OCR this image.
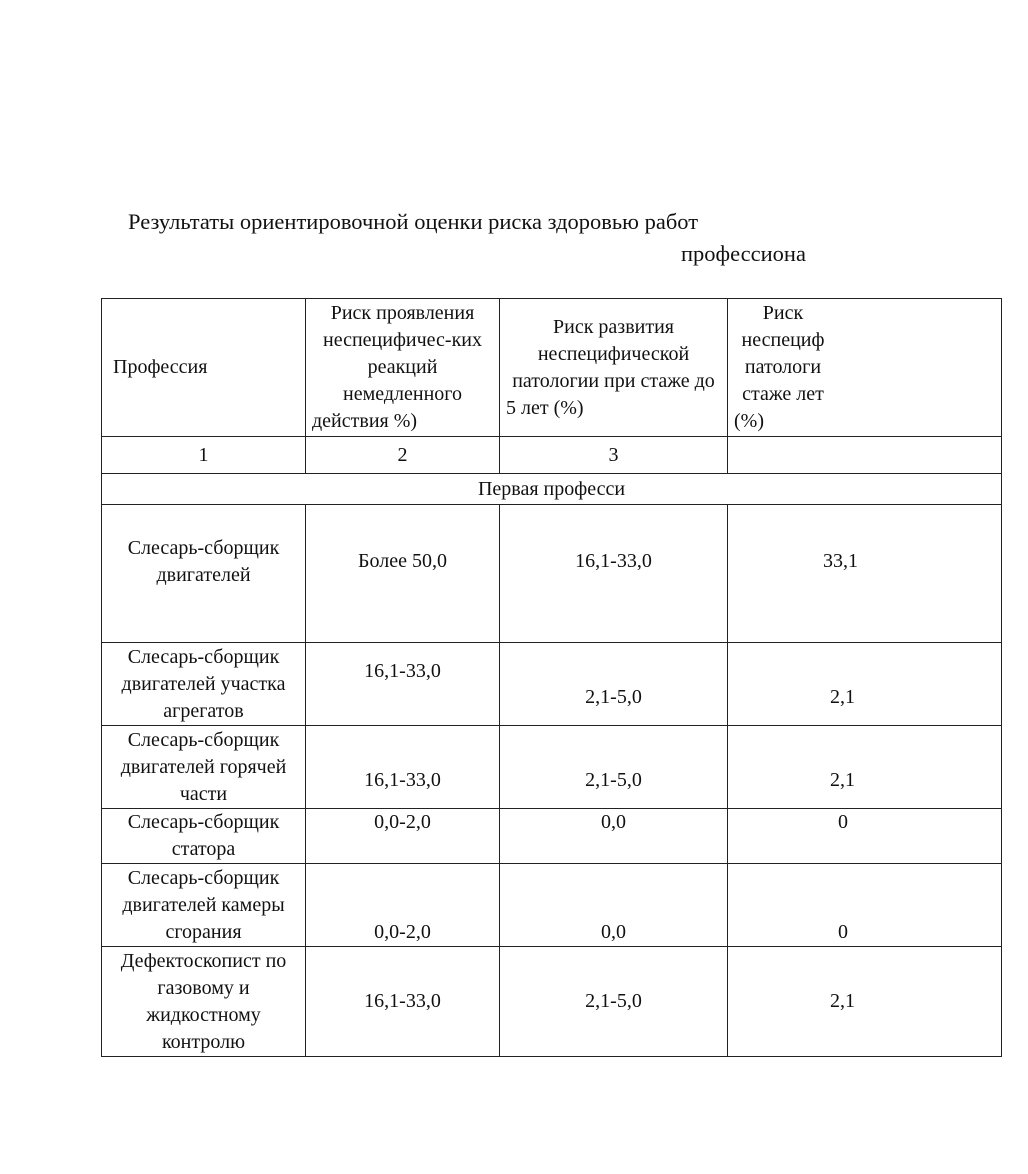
Результаты ориентировочной оценки риска здоровью работ
профессиона
Профессия	Риск проявления неспецифичес-ких реакций немедленного действия %)	Риск развития неспецифической патологии при стаже до 5 лет (%)	Риск неспециф патологи стаже лет (%)

1	2	3	
Первая професси			

Слесарь-сборщик двигателей	Более 50,0	16,1-33,0	33,1

Слесарь-сборщик двигателей участка агрегатов	16,1-33,0	2,1-5,0	2,1

Слесарь-сборщик двигателей горячей части	16,1-33,0	2,1-5,0	2,1

Слесарь-сборщик статора	0,0-2,0	0,0	0

Слесарь-сборщик двигателей камеры сгорания	0,0-2,0	0,0	0

Дефектоскопист по газовому и жидкостному контролю	16,1-33,0	2,1-5,0	2,1
